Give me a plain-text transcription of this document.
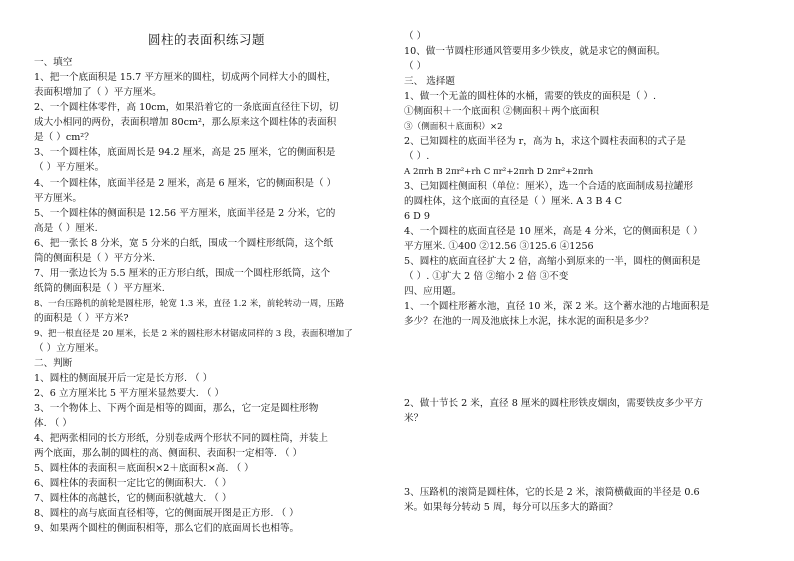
圆柱的表面积练习题

一、填空

1、把一个底面积是 15.7 平方厘米的圆柱，切成两个同样大小的圆柱，

表面积增加了（ ）平方厘米。

2、一个圆柱体零件，高 10cm，如果沿着它的一条底面直径往下切，切

成大小相同的两份，表面积增加 80cm²，那么原来这个圆柱体的表面积

是（ ）cm²？

3、一个圆柱体，底面周长是 94.2 厘米，高是 25 厘米，它的侧面积是

（ ）平方厘米。

4、一个圆柱体，底面半径是 2 厘米，高是 6 厘米，它的侧面积是（ ）

平方厘米。

5、一个圆柱体的侧面积是 12.56 平方厘米，底面半径是 2 分米，它的

高是（ ）厘米.

6、把一张长 8 分米，宽 5 分米的白纸，围成一个圆柱形纸筒，这个纸

筒的侧面积是（ ）平方分米.

7、用一张边长为 5.5 厘米的正方形白纸，围成一个圆柱形纸筒，这个

纸筒的侧面积是（ ）平方厘米.

8、一台压路机的前轮是圆柱形，轮宽 1.3 米，直径 1.2 米，前轮转动一周，压路

的面积是（ ）平方米?

9、把一根直径是 20 厘米，长是 2 米的圆柱形木材锯成同样的 3 段，表面积增加了

（ ）立方厘米。

二、判断

1、圆柱的侧面展开后一定是长方形. （ ）

2、6 立方厘米比 5 平方厘米显然要大. （ ）

3、一个物体上、下两个面是相等的圆面，那么，它一定是圆柱形物

体. （ ）

4、把两张相同的长方形纸，分别卷成两个形状不同的圆柱筒，并装上

两个底面，那么制的圆柱的高、侧面积、表面积一定相等. （ ）

5、圆柱体的表面积＝底面积×2＋底面积×高. （ ）

6、圆柱体的表面积一定比它的侧面积大. （ ）

7、圆柱体的高越长，它的侧面积就越大. （ ）

8、圆柱的高与底面直径相等，它的侧面展开图是正方形. （ ）

9、如果两个圆柱的侧面积相等，那么它们的底面周长也相等。

（ ）

10、做一节圆柱形通风管要用多少铁皮，就是求它的侧面积。

（ ）

三、 选择题

1、做一个无盖的圆柱体的水桶，需要的铁皮的面积是（ ）.

①侧面积＋一个底面积 ②侧面积＋两个底面积

③（侧面积＋底面积）×2

2、已知圆柱的底面半径为 r，高为 h，求这个圆柱表面积的式子是

（ ）.

A 2πrh B 2πr²+rh C πr²+2πrh D 2πr²+2πrh

3、已知圆柱侧面积（单位：厘米），选一个合适的底面制成易拉罐形

的圆柱体，这个底面的直径是（ ）厘米. A 3 B 4 C

6 D 9

4、一个圆柱的底面直径是 10 厘米，高是 4 分米，它的侧面积是（ ）

平方厘米. ①400 ②12.56 ③125.6 ④1256

5、圆柱的底面直径扩大 2 倍，高缩小到原来的一半，圆柱的侧面积是

（ ）. ①扩大 2 倍 ②缩小 2 倍 ③不变

四、应用题。

1、一个圆柱形蓄水池，直径 10 米，深 2 米。这个蓄水池的占地面积是

多少？在池的一周及池底抹上水泥，抹水泥的面积是多少？

2、做十节长 2 米，直径 8 厘米的圆柱形铁皮烟囱，需要铁皮多少平方

米？

3、压路机的滚筒是圆柱体，它的长是 2 米，滚筒横截面的半径是 0.6

米。如果每分转动 5 周，每分可以压多大的路面？
